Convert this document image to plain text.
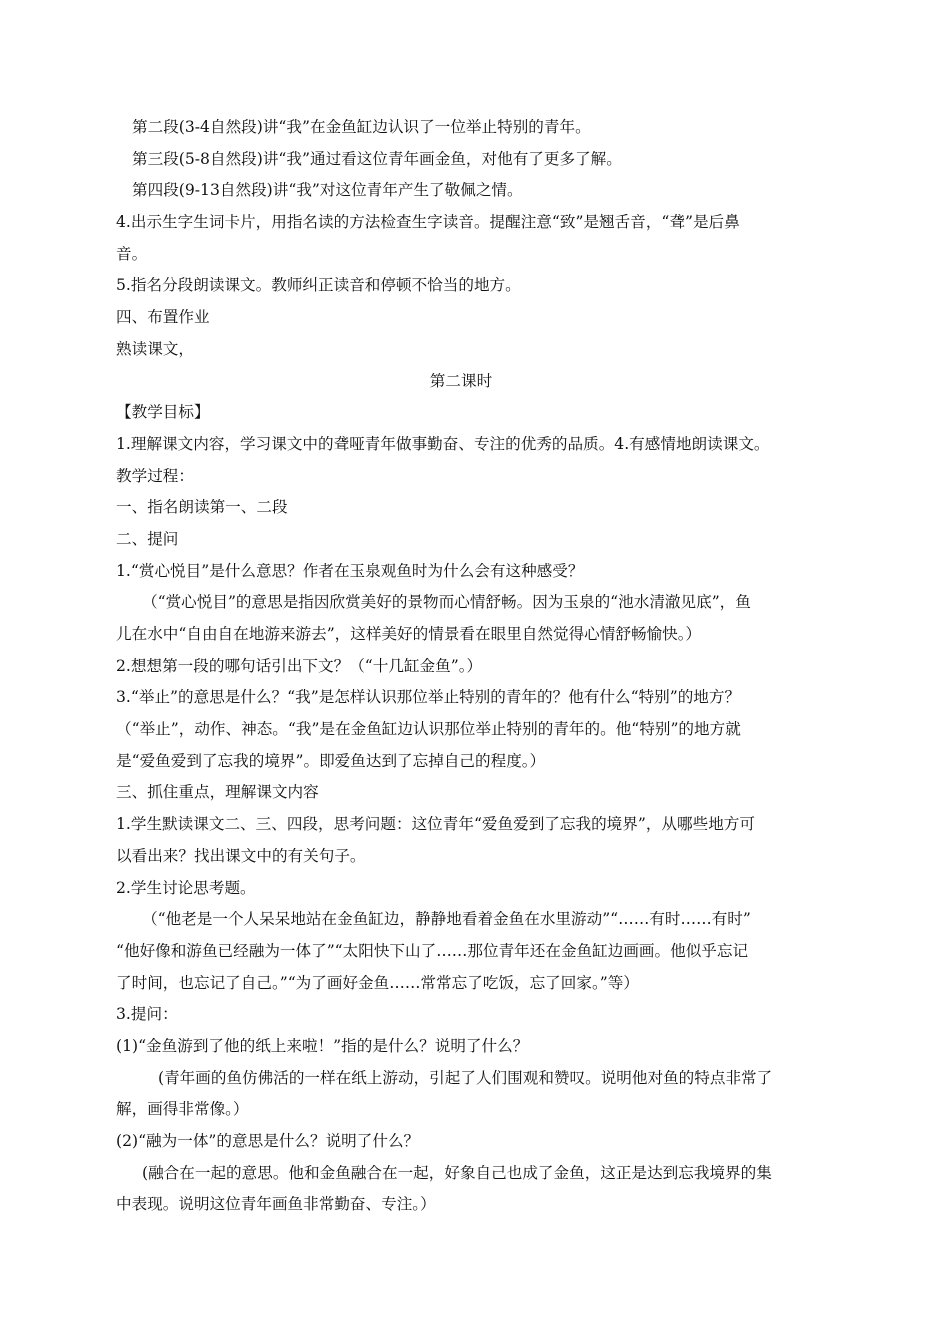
第二段(3-4自然段)讲“我”在金鱼缸边认识了一位举止特别的青年。
第三段(5-8自然段)讲“我”通过看这位青年画金鱼，对他有了更多了解。
第四段(9-13自然段)讲“我”对这位青年产生了敬佩之情。
4.出示生字生词卡片，用指名读的方法检查生字读音。提醒注意“致”是翘舌音，“聋”是后鼻
音。
5.指名分段朗读课文。教师纠正读音和停顿不恰当的地方。
四、布置作业
熟读课文，
第二课时
【教学目标】
1.理解课文内容，学习课文中的聋哑青年做事勤奋、专注的优秀的品质。4.有感情地朗读课文。
教学过程：
一、指名朗读第一、二段
二、提问
1.“赏心悦目”是什么意思？作者在玉泉观鱼时为什么会有这种感受？
（“赏心悦目”的意思是指因欣赏美好的景物而心情舒畅。因为玉泉的“池水清澈见底”，鱼
儿在水中“自由自在地游来游去”，这样美好的情景看在眼里自然觉得心情舒畅愉快。）
2.想想第一段的哪句话引出下文？（“十几缸金鱼”。）
3.“举止”的意思是什么？“我”是怎样认识那位举止特别的青年的？他有什么“特别”的地方？
（“举止”，动作、神态。“我”是在金鱼缸边认识那位举止特别的青年的。他“特别”的地方就
是“爱鱼爱到了忘我的境界”。即爱鱼达到了忘掉自己的程度。）
三、抓住重点，理解课文内容
1.学生默读课文二、三、四段，思考问题：这位青年“爱鱼爱到了忘我的境界”，从哪些地方可
以看出来？找出课文中的有关句子。
2.学生讨论思考题。
（“他老是一个人呆呆地站在金鱼缸边，静静地看着金鱼在水里游动”“……有时……有时”
“他好像和游鱼已经融为一体了”“太阳快下山了……那位青年还在金鱼缸边画画。他似乎忘记
了时间，也忘记了自己。”“为了画好金鱼……常常忘了吃饭，忘了回家。”等）
3.提问：
(1)“金鱼游到了他的纸上来啦！”指的是什么？说明了什么？
(青年画的鱼仿佛活的一样在纸上游动，引起了人们围观和赞叹。说明他对鱼的特点非常了
解，画得非常像。）
(2)“融为一体”的意思是什么？说明了什么？
(融合在一起的意思。他和金鱼融合在一起，好象自己也成了金鱼，这正是达到忘我境界的集
中表现。说明这位青年画鱼非常勤奋、专注。）
